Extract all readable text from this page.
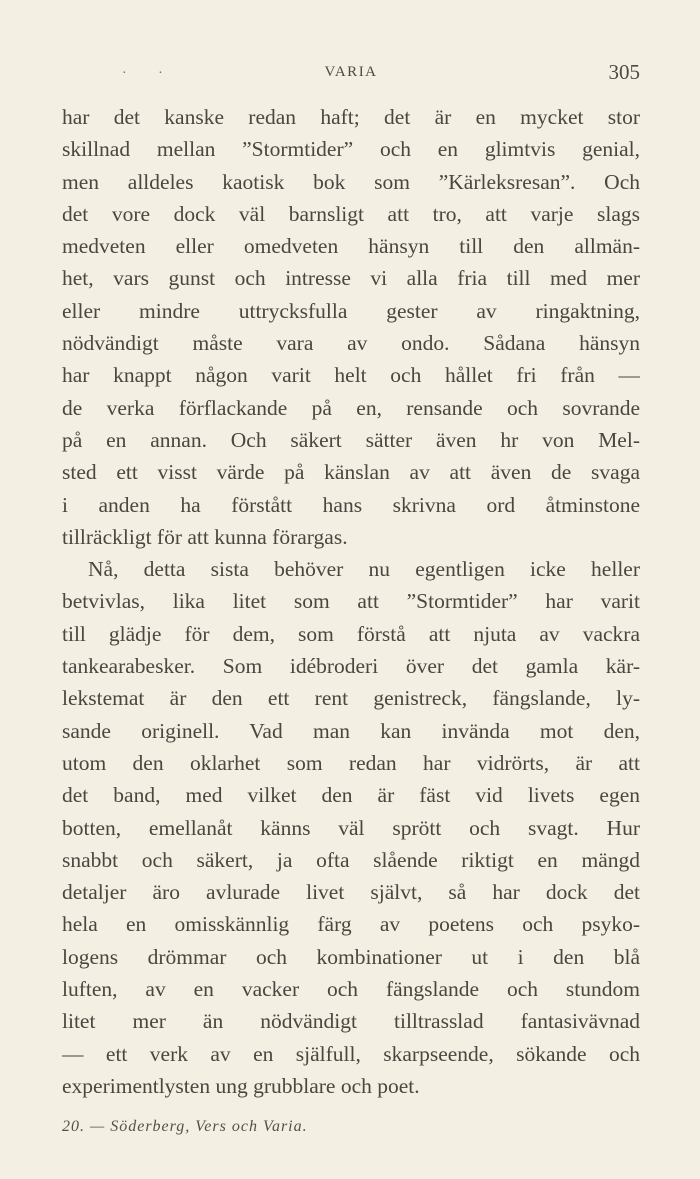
· ·	VARIA	305
har det kanske redan haft; det är en mycket stor
skillnad mellan ”Stormtider” och en glimtvis genial,
men alldeles kaotisk bok som ”Kärleksresan”. Och
det vore dock väl barnsligt att tro, att varje slags
medveten eller omedveten hänsyn till den allmän-
het, vars gunst och intresse vi alla fria till med mer
eller mindre uttrycksfulla gester av ringaktning,
nödvändigt måste vara av ondo. Sådana hänsyn
har knappt någon varit helt och hållet fri från —
de verka förflackande på en, rensande och sovrande
på en annan. Och säkert sätter även hr von Mel-
sted ett visst värde på känslan av att även de svaga
i anden ha förstått hans skrivna ord åtminstone
tillräckligt för att kunna förargas.
Nå, detta sista behöver nu egentligen icke heller
betvivlas, lika litet som att ”Stormtider” har varit
till glädje för dem, som förstå att njuta av vackra
tankearabesker. Som idébroderi över det gamla kär-
lekstemat är den ett rent genistreck, fängslande, ly-
sande originell. Vad man kan invända mot den,
utom den oklarhet som redan har vidrörts, är att
det band, med vilket den är fäst vid livets egen
botten, emellanåt känns väl sprött och svagt. Hur
snabbt och säkert, ja ofta slående riktigt en mängd
detaljer äro avlurade livet självt, så har dock det
hela en omisskännlig färg av poetens och psyko-
logens drömmar och kombinationer ut i den blå
luften, av en vacker och fängslande och stundom
litet mer än nödvändigt tilltrasslad fantasivävnad
— ett verk av en själfull, skarpseende, sökande och
experimentlysten ung grubblare och poet.
20. — Söderberg, Vers och Varia.
